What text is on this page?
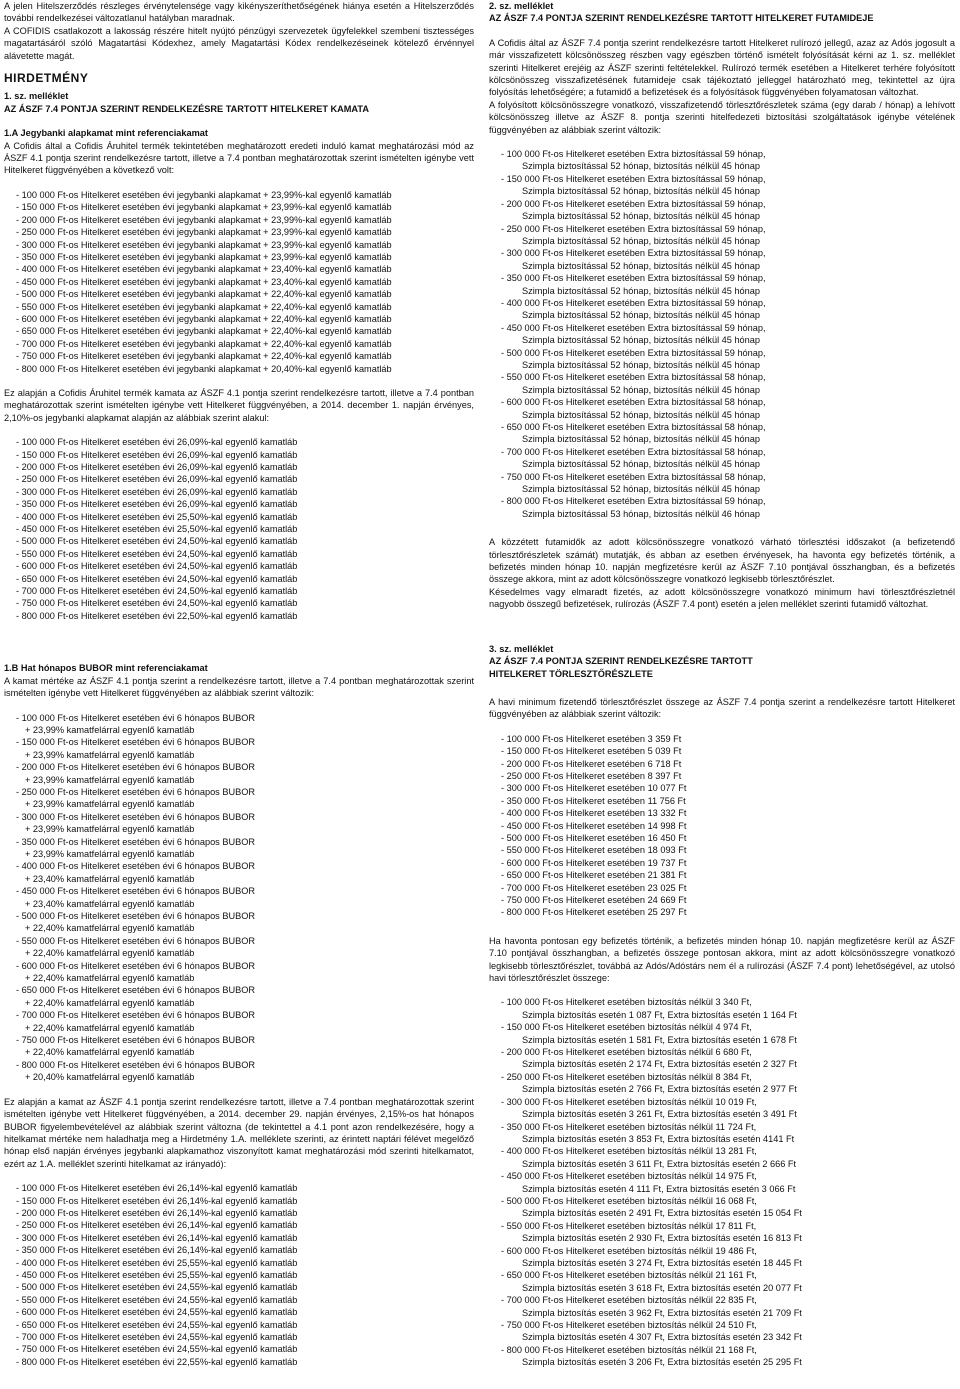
A jelen Hitelszerződés részleges érvénytelensége vagy kikényszeríthetőségének hiánya esetén a Hitelszerződés további rendelkezései változatlanul hatályban maradnak.

A COFIDIS csatlakozott a lakosság részére hitelt nyújtó pénzügyi szervezetek ügyfelekkel szembeni tisztességes magatartásáról szóló Magatartási Kódexhez, amely Magatartási Kódex rendelkezéseinek kötelező érvénnyel alávetette magát.

HIRDETMÉNY

1. sz. melléklet

AZ ÁSZF 7.4 PONTJA SZERINT RENDELKEZÉSRE TARTOTT HITELKERET KAMATA

1.A Jegybanki alapkamat mint referenciakamat

A Cofidis által a Cofidis Áruhitel termék tekintetében meghatározott eredeti induló kamat meghatározási mód az ÁSZF 4.1 pontja szerint rendelkezésre tartott, illetve a 7.4 pontban meghatározottak szerint ismételten igénybe vett Hitelkeret függvényében a következő volt:

- 100 000 Ft-os Hitelkeret esetében évi jegybanki alapkamat + 23,99%-kal egyenlő kamatláb
- 150 000 Ft-os Hitelkeret esetében évi jegybanki alapkamat + 23,99%-kal egyenlő kamatláb
- 200 000 Ft-os Hitelkeret esetében évi jegybanki alapkamat + 23,99%-kal egyenlő kamatláb
- 250 000 Ft-os Hitelkeret esetében évi jegybanki alapkamat + 23,99%-kal egyenlő kamatláb
- 300 000 Ft-os Hitelkeret esetében évi jegybanki alapkamat + 23,99%-kal egyenlő kamatláb
- 350 000 Ft-os Hitelkeret esetében évi jegybanki alapkamat + 23,99%-kal egyenlő kamatláb
- 400 000 Ft-os Hitelkeret esetében évi jegybanki alapkamat + 23,40%-kal egyenlő kamatláb
- 450 000 Ft-os Hitelkeret esetében évi jegybanki alapkamat + 23,40%-kal egyenlő kamatláb
- 500 000 Ft-os Hitelkeret esetében évi jegybanki alapkamat + 22,40%-kal egyenlő kamatláb
- 550 000 Ft-os Hitelkeret esetében évi jegybanki alapkamat + 22,40%-kal egyenlő kamatláb
- 600 000 Ft-os Hitelkeret esetében évi jegybanki alapkamat + 22,40%-kal egyenlő kamatláb
- 650 000 Ft-os Hitelkeret esetében évi jegybanki alapkamat + 22,40%-kal egyenlő kamatláb
- 700 000 Ft-os Hitelkeret esetében évi jegybanki alapkamat + 22,40%-kal egyenlő kamatláb
- 750 000 Ft-os Hitelkeret esetében évi jegybanki alapkamat + 22,40%-kal egyenlő kamatláb
- 800 000 Ft-os Hitelkeret esetében évi jegybanki alapkamat + 20,40%-kal egyenlő kamatláb

Ez alapján a Cofidis Áruhitel termék kamata az ÁSZF 4.1 pontja szerint rendelkezésre tartott, illetve a 7.4 pontban meghatározottak szerint ismételten igénybe vett Hitelkeret függvényében, a 2014. december 1. napján érvényes, 2,10%-os jegybanki alapkamat alapján az alábbiak szerint alakul:

- 100 000 Ft-os Hitelkeret esetében évi 26,09%-kal egyenlő kamatláb
- 150 000 Ft-os Hitelkeret esetében évi 26,09%-kal egyenlő kamatláb
- 200 000 Ft-os Hitelkeret esetében évi 26,09%-kal egyenlő kamatláb
- 250 000 Ft-os Hitelkeret esetében évi 26,09%-kal egyenlő kamatláb
- 300 000 Ft-os Hitelkeret esetében évi 26,09%-kal egyenlő kamatláb
- 350 000 Ft-os Hitelkeret esetében évi 26,09%-kal egyenlő kamatláb
- 400 000 Ft-os Hitelkeret esetében évi 25,50%-kal egyenlő kamatláb
- 450 000 Ft-os Hitelkeret esetében évi 25,50%-kal egyenlő kamatláb
- 500 000 Ft-os Hitelkeret esetében évi 24,50%-kal egyenlő kamatláb
- 550 000 Ft-os Hitelkeret esetében évi 24,50%-kal egyenlő kamatláb
- 600 000 Ft-os Hitelkeret esetében évi 24,50%-kal egyenlő kamatláb
- 650 000 Ft-os Hitelkeret esetében évi 24,50%-kal egyenlő kamatláb
- 700 000 Ft-os Hitelkeret esetében évi 24,50%-kal egyenlő kamatláb
- 750 000 Ft-os Hitelkeret esetében évi 24,50%-kal egyenlő kamatláb
- 800 000 Ft-os Hitelkeret esetében évi 22,50%-kal egyenlő kamatláb

1.B Hat hónapos BUBOR mint referenciakamat

A kamat mértéke az ÁSZF 4.1 pontja szerint a rendelkezésre tartott, illetve a 7.4 pontban meghatározottak szerint ismételten igénybe vett Hitelkeret függvényében az alábbiak szerint változik:

- 100 000 Ft-os Hitelkeret esetében évi 6 hónapos BUBOR
+ 23,99% kamatfelárral egyenlő kamatláb
- 150 000 Ft-os Hitelkeret esetében évi 6 hónapos BUBOR
+ 23,99% kamatfelárral egyenlő kamatláb
- 200 000 Ft-os Hitelkeret esetében évi 6 hónapos BUBOR
+ 23,99% kamatfelárral egyenlő kamatláb
- 250 000 Ft-os Hitelkeret esetében évi 6 hónapos BUBOR
+ 23,99% kamatfelárral egyenlő kamatláb
- 300 000 Ft-os Hitelkeret esetében évi 6 hónapos BUBOR
+ 23,99% kamatfelárral egyenlő kamatláb
- 350 000 Ft-os Hitelkeret esetében évi 6 hónapos BUBOR
+ 23,99% kamatfelárral egyenlő kamatláb
- 400 000 Ft-os Hitelkeret esetében évi 6 hónapos BUBOR
+ 23,40% kamatfelárral egyenlő kamatláb
- 450 000 Ft-os Hitelkeret esetében évi 6 hónapos BUBOR
+ 23,40% kamatfelárral egyenlő kamatláb
- 500 000 Ft-os Hitelkeret esetében évi 6 hónapos BUBOR
+ 22,40% kamatfelárral egyenlő kamatláb
- 550 000 Ft-os Hitelkeret esetében évi 6 hónapos BUBOR
+ 22,40% kamatfelárral egyenlő kamatláb
- 600 000 Ft-os Hitelkeret esetében évi 6 hónapos BUBOR
+ 22,40% kamatfelárral egyenlő kamatláb
- 650 000 Ft-os Hitelkeret esetében évi 6 hónapos BUBOR
+ 22,40% kamatfelárral egyenlő kamatláb
- 700 000 Ft-os Hitelkeret esetében évi 6 hónapos BUBOR
+ 22,40% kamatfelárral egyenlő kamatláb
- 750 000 Ft-os Hitelkeret esetében évi 6 hónapos BUBOR
+ 22,40% kamatfelárral egyenlő kamatláb
- 800 000 Ft-os Hitelkeret esetében évi 6 hónapos BUBOR
+ 20,40% kamatfelárral egyenlő kamatláb

Ez alapján a kamat az ÁSZF 4.1 pontja szerint rendelkezésre tartott, illetve a 7.4 pontban meghatározottak szerint ismételten igénybe vett Hitelkeret függvényében, a 2014. december 29. napján érvényes, 2,15%-os hat hónapos BUBOR figyelembevételével az alábbiak szerint változna (de tekintettel a 4.1 pont azon rendelkezésére, hogy a hitelkamat mértéke nem haladhatja meg a Hirdetmény 1.A. melléklete szerinti, az érintett naptári félévet megelőző hónap első napján érvényes jegybanki alapkamathoz viszonyított kamat meghatározási mód szerinti hitelkamatot, ezért az 1.A. melléklet szerinti hitelkamat az irányadó):

- 100 000 Ft-os Hitelkeret esetében évi 26,14%-kal egyenlő kamatláb
- 150 000 Ft-os Hitelkeret esetében évi 26,14%-kal egyenlő kamatláb
- 200 000 Ft-os Hitelkeret esetében évi 26,14%-kal egyenlő kamatláb
- 250 000 Ft-os Hitelkeret esetében évi 26,14%-kal egyenlő kamatláb
- 300 000 Ft-os Hitelkeret esetében évi 26,14%-kal egyenlő kamatláb
- 350 000 Ft-os Hitelkeret esetében évi 26,14%-kal egyenlő kamatláb
- 400 000 Ft-os Hitelkeret esetében évi 25,55%-kal egyenlő kamatláb
- 450 000 Ft-os Hitelkeret esetében évi 25,55%-kal egyenlő kamatláb
- 500 000 Ft-os Hitelkeret esetében évi 24,55%-kal egyenlő kamatláb
- 550 000 Ft-os Hitelkeret esetében évi 24,55%-kal egyenlő kamatláb
- 600 000 Ft-os Hitelkeret esetében évi 24,55%-kal egyenlő kamatláb
- 650 000 Ft-os Hitelkeret esetében évi 24,55%-kal egyenlő kamatláb
- 700 000 Ft-os Hitelkeret esetében évi 24,55%-kal egyenlő kamatláb
- 750 000 Ft-os Hitelkeret esetében évi 24,55%-kal egyenlő kamatláb
- 800 000 Ft-os Hitelkeret esetében évi 22,55%-kal egyenlő kamatláb

2. sz. melléklet

AZ ÁSZF 7.4 PONTJA SZERINT RENDELKEZÉSRE TARTOTT HITELKERET FUTAMIDEJE

A Cofidis által az ÁSZF 7.4 pontja szerint rendelkezésre tartott Hitelkeret rulírozó jellegű, azaz az Adós jogosult a már visszafizetett kölcsönösszeg részben vagy egészben történő ismételt folyósítását kérni az 1. sz. melléklet szerinti Hitelkeret erejéig az ÁSZF szerinti feltételekkel. Rulírozó termék esetében a Hitelkeret terhére folyósított kölcsönösszeg visszafizetésének futamideje csak tájékoztató jelleggel határozható meg, tekintettel az újra folyósítás lehetőségére; a futamidő a befizetések és a folyósítások függvényében folyamatosan változhat.

A folyósított kölcsönösszegre vonatkozó, visszafizetendő törlesztőrészletek száma (egy darab / hónap) a lehívott kölcsönösszeg illetve az ÁSZF 8. pontja szerinti hitelfedezeti biztosítási szolgáltatások igénybe vételének függvényében az alábbiak szerint változik:

- 100 000 Ft-os Hitelkeret esetében Extra biztosítással 59 hónap,
Szimpla biztosítással 52 hónap, biztosítás nélkül 45 hónap
- 150 000 Ft-os Hitelkeret esetében Extra biztosítással 59 hónap,
Szimpla biztosítással 52 hónap, biztosítás nélkül 45 hónap
- 200 000 Ft-os Hitelkeret esetében Extra biztosítással 59 hónap,
Szimpla biztosítással 52 hónap, biztosítás nélkül 45 hónap
- 250 000 Ft-os Hitelkeret esetében Extra biztosítással 59 hónap,
Szimpla biztosítással 52 hónap, biztosítás nélkül 45 hónap
- 300 000 Ft-os Hitelkeret esetében Extra biztosítással 59 hónap,
Szimpla biztosítással 52 hónap, biztosítás nélkül 45 hónap
- 350 000 Ft-os Hitelkeret esetében Extra biztosítással 59 hónap,
Szimpla biztosítással 52 hónap, biztosítás nélkül 45 hónap
- 400 000 Ft-os Hitelkeret esetében Extra biztosítással 59 hónap,
Szimpla biztosítással 52 hónap, biztosítás nélkül 45 hónap
- 450 000 Ft-os Hitelkeret esetében Extra biztosítással 59 hónap,
Szimpla biztosítással 52 hónap, biztosítás nélkül 45 hónap
- 500 000 Ft-os Hitelkeret esetében Extra biztosítással 59 hónap,
Szimpla biztosítással 52 hónap, biztosítás nélkül 45 hónap
- 550 000 Ft-os Hitelkeret esetében Extra biztosítással 58 hónap,
Szimpla biztosítással 52 hónap, biztosítás nélkül 45 hónap
- 600 000 Ft-os Hitelkeret esetében Extra biztosítással 58 hónap,
Szimpla biztosítással 52 hónap, biztosítás nélkül 45 hónap
- 650 000 Ft-os Hitelkeret esetében Extra biztosítással 58 hónap,
Szimpla biztosítással 52 hónap, biztosítás nélkül 45 hónap
- 700 000 Ft-os Hitelkeret esetében Extra biztosítással 58 hónap,
Szimpla biztosítással 52 hónap, biztosítás nélkül 45 hónap
- 750 000 Ft-os Hitelkeret esetében Extra biztosítással 58 hónap,
Szimpla biztosítással 52 hónap, biztosítás nélkül 45 hónap
- 800 000 Ft-os Hitelkeret esetében Extra biztosítással 59 hónap,
Szimpla biztosítással 53 hónap, biztosítás nélkül 46 hónap

A közzétett futamidők az adott kölcsönösszegre vonatkozó várható törlesztési időszakot (a befizetendő törlesztőrészletek számát) mutatják, és abban az esetben érvényesek, ha havonta egy befizetés történik, a befizetés minden hónap 10. napján megfizetésre kerül az ÁSZF 7.10 pontjával összhangban, és a befizetés összege akkora, mint az adott kölcsönösszegre vonatkozó legkisebb törlesztőrészlet.

Késedelmes vagy elmaradt fizetés, az adott kölcsönösszegre vonatkozó minimum havi törlesztőrészletnél nagyobb összegű befizetések, rulírozás (ÁSZF 7.4 pont) esetén a jelen melléklet szerinti futamidő változhat.

3. sz. melléklet

AZ ÁSZF 7.4 PONTJA SZERINT RENDELKEZÉSRE TARTOTT

HITELKERET TÖRLESZTŐRÉSZLETE

A havi minimum fizetendő törlesztőrészlet összege az ÁSZF 7.4 pontja szerint a rendelkezésre tartott Hitelkeret függvényében az alábbiak szerint változik:

- 100 000 Ft-os Hitelkeret esetében 3 359 Ft
- 150 000 Ft-os Hitelkeret esetében 5 039 Ft
- 200 000 Ft-os Hitelkeret esetében 6 718 Ft
- 250 000 Ft-os Hitelkeret esetében 8 397 Ft
- 300 000 Ft-os Hitelkeret esetében 10 077 Ft
- 350 000 Ft-os Hitelkeret esetében 11 756 Ft
- 400 000 Ft-os Hitelkeret esetében 13 332 Ft
- 450 000 Ft-os Hitelkeret esetében 14 998 Ft
- 500 000 Ft-os Hitelkeret esetében 16 450 Ft
- 550 000 Ft-os Hitelkeret esetében 18 093 Ft
- 600 000 Ft-os Hitelkeret esetében 19 737 Ft
- 650 000 Ft-os Hitelkeret esetében 21 381 Ft
- 700 000 Ft-os Hitelkeret esetében 23 025 Ft
- 750 000 Ft-os Hitelkeret esetében 24 669 Ft
- 800 000 Ft-os Hitelkeret esetében 25 297 Ft

Ha havonta pontosan egy befizetés történik, a befizetés minden hónap 10. napján megfizetésre kerül az ÁSZF 7.10 pontjával összhangban, a befizetés összege pontosan akkora, mint az adott kölcsönösszegre vonatkozó legkisebb törlesztőrészlet, továbbá az Adós/Adóstárs nem él a rulírozási (ÁSZF 7.4 pont) lehetőségével, az utolsó havi törlesztőrészlet összege:

- 100 000 Ft-os Hitelkeret esetében biztosítás nélkül 3 340 Ft,
Szimpla biztosítás esetén 1 087 Ft, Extra biztosítás esetén 1 164 Ft
- 150 000 Ft-os Hitelkeret esetében biztosítás nélkül 4 974 Ft,
Szimpla biztosítás esetén 1 581 Ft, Extra biztosítás esetén 1 678 Ft
- 200 000 Ft-os Hitelkeret esetében biztosítás nélkül 6 680 Ft,
Szimpla biztosítás esetén 2 174 Ft, Extra biztosítás esetén 2 327 Ft
- 250 000 Ft-os Hitelkeret esetében biztosítás nélkül 8 384 Ft,
Szimpla biztosítás esetén 2 766 Ft, Extra biztosítás esetén 2 977 Ft
- 300 000 Ft-os Hitelkeret esetében biztosítás nélkül 10 019 Ft,
Szimpla biztosítás esetén 3 261 Ft, Extra biztosítás esetén 3 491 Ft
- 350 000 Ft-os Hitelkeret esetében biztosítás nélkül 11 724 Ft,
Szimpla biztosítás esetén 3 853 Ft, Extra biztosítás esetén 4141 Ft
- 400 000 Ft-os Hitelkeret esetében biztosítás nélkül 13 281 Ft,
Szimpla biztosítás esetén 3 611 Ft, Extra biztosítás esetén 2 666 Ft
- 450 000 Ft-os Hitelkeret esetében biztosítás nélkül 14 975 Ft,
Szimpla biztosítás esetén 4 111 Ft, Extra biztosítás esetén 3 066 Ft
- 500 000 Ft-os Hitelkeret esetében biztosítás nélkül 16 068 Ft,
Szimpla biztosítás esetén 2 491 Ft, Extra biztosítás esetén 15 054 Ft
- 550 000 Ft-os Hitelkeret esetében biztosítás nélkül 17 811 Ft,
Szimpla biztosítás esetén 2 930 Ft, Extra biztosítás esetén 16 813 Ft
- 600 000 Ft-os Hitelkeret esetében biztosítás nélkül 19 486 Ft,
Szimpla biztosítás esetén 3 274 Ft, Extra biztosítás esetén 18 445 Ft
- 650 000 Ft-os Hitelkeret esetében biztosítás nélkül 21 161 Ft,
Szimpla biztosítás esetén 3 618 Ft, Extra biztosítás esetén 20 077 Ft
- 700 000 Ft-os Hitelkeret esetében biztosítás nélkül 22 835 Ft,
Szimpla biztosítás esetén 3 962 Ft, Extra biztosítás esetén 21 709 Ft
- 750 000 Ft-os Hitelkeret esetében biztosítás nélkül 24 510 Ft,
Szimpla biztosítás esetén 4 307 Ft, Extra biztosítás esetén 23 342 Ft
- 800 000 Ft-os Hitelkeret esetében biztosítás nélkül 21 168 Ft,
Szimpla biztosítás esetén 3 206 Ft, Extra biztosítás esetén 25 295 Ft
